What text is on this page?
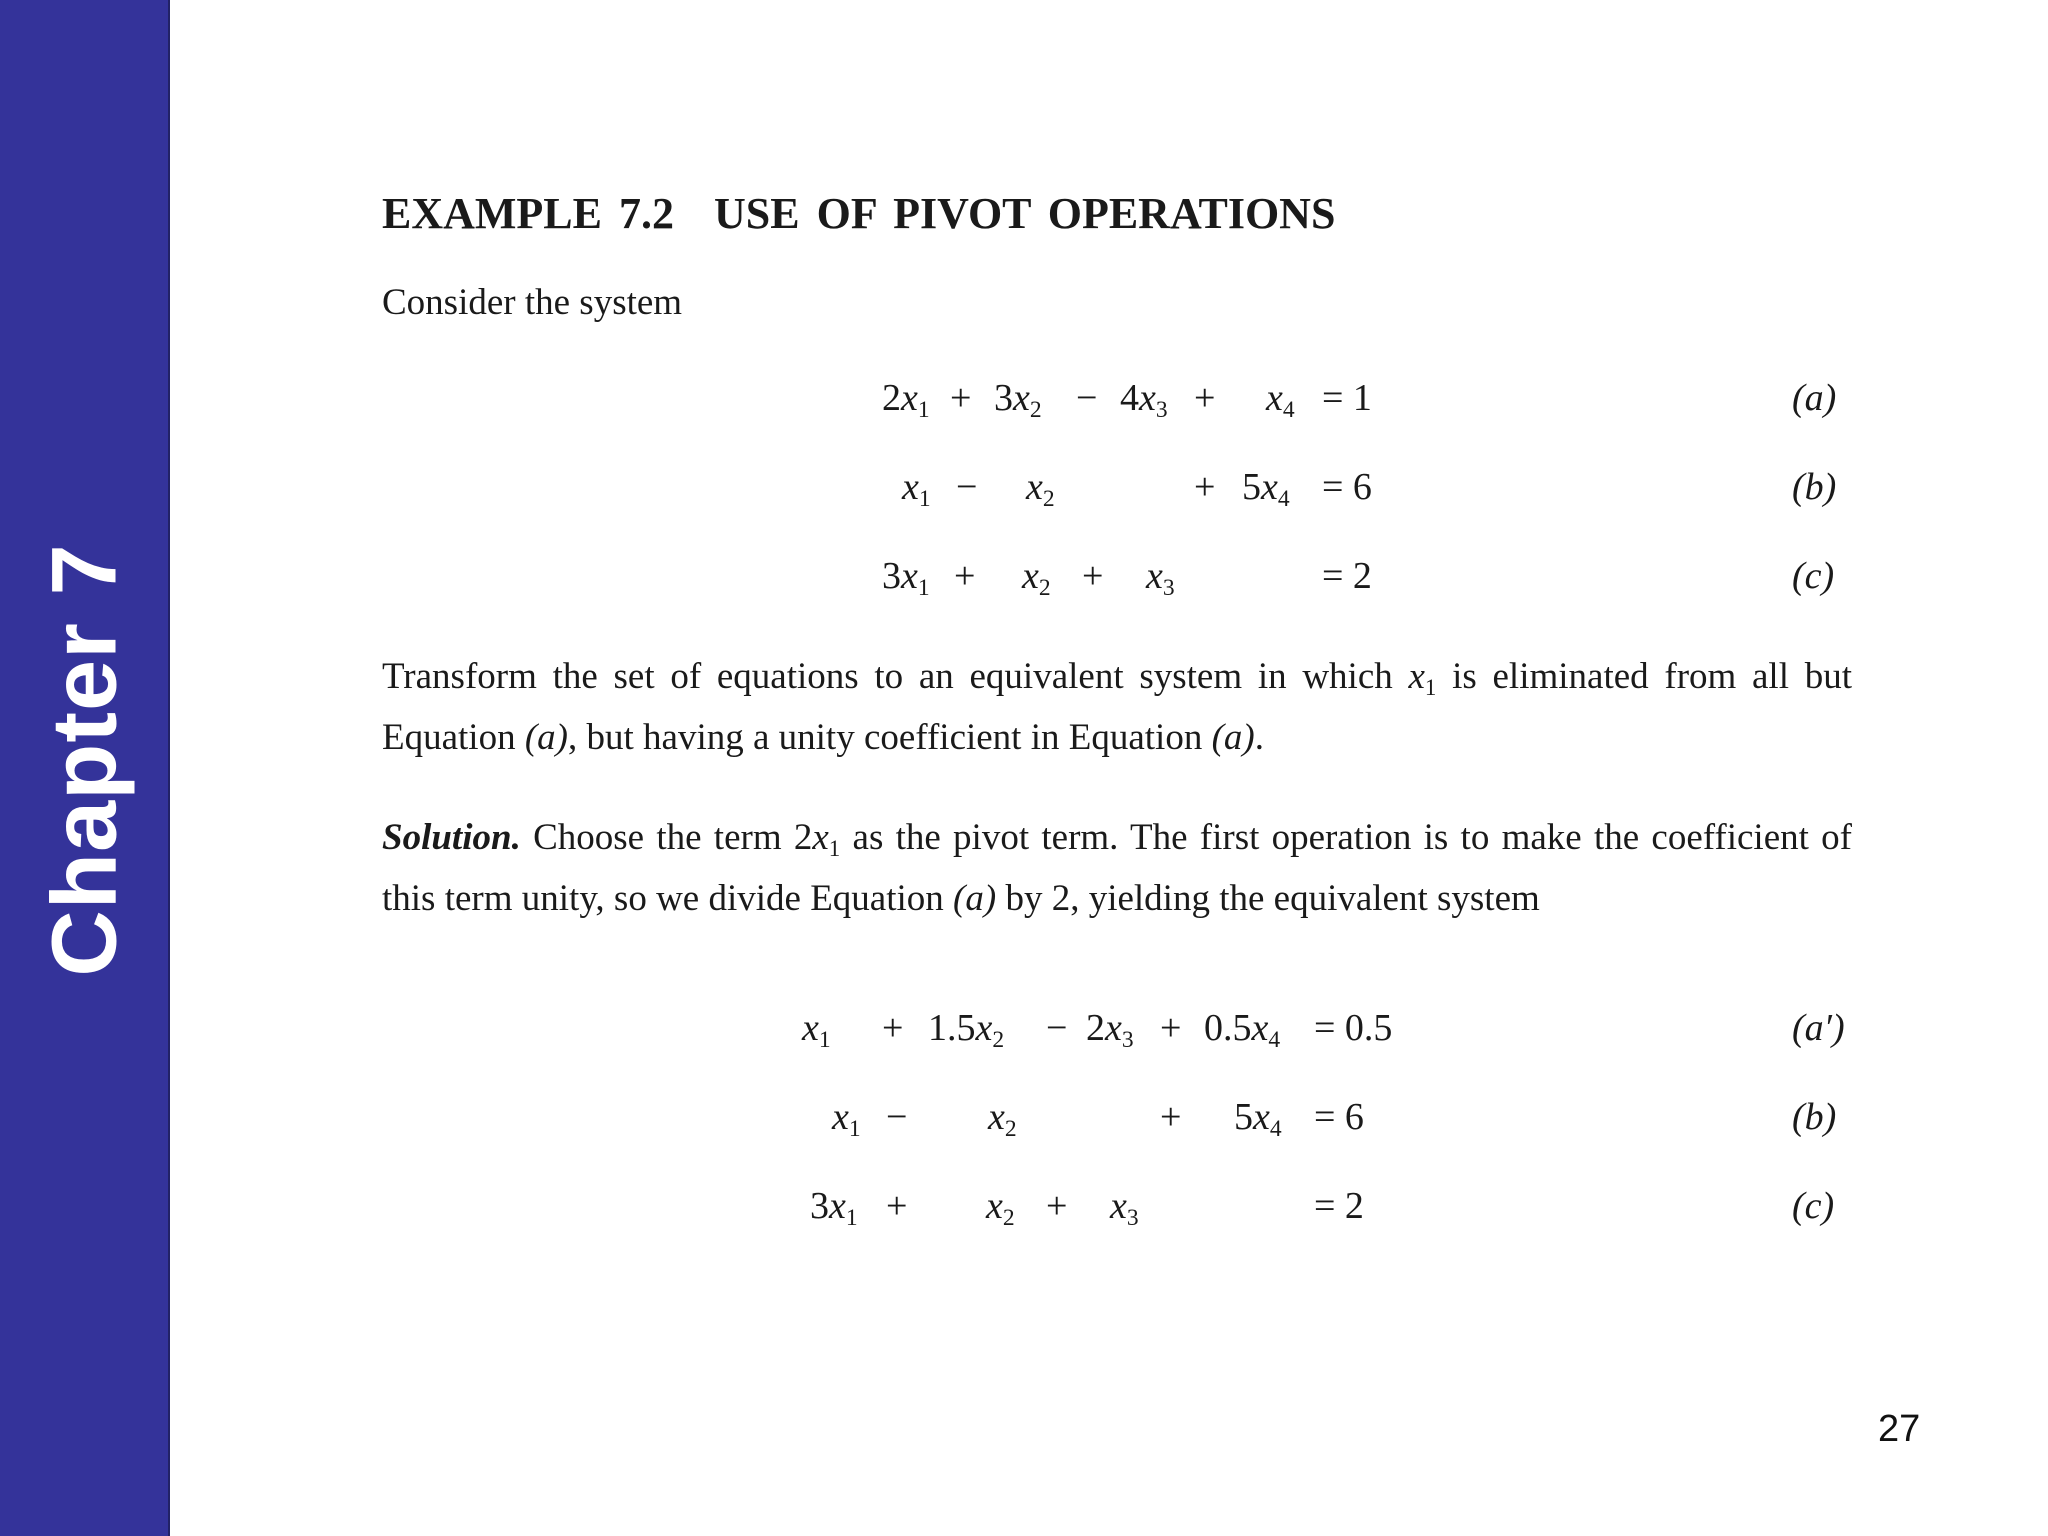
Chapter 7
EXAMPLE 7.2 USE OF PIVOT OPERATIONS

Consider the system

$2x_1 + 3x_2 - 4x_3 + x_4 = 1$	(a)
$x_1 - x_2$	+ $5x_4 = 6$	(b)
$3x_1 + x_2 + x_3$	= 2	(c)

Transform the set of equations to an equivalent system in which $x_1$ is eliminated from all but Equation (a), but having a unity coefficient in Equation (a).

Solution. Choose the term $2x_1$ as the pivot term. The first operation is to make the coefficient of this term unity, so we divide Equation (a) by 2, yielding the equivalent system

$x_1 + 1.5x_2 - 2x_3 + 0.5x_4 = 0.5$	(a′)
$x_1 - x_2$	+ $5x_4 = 6$	(b)
$3x_1 + x_2 + x_3$	= 2	(c)
27
